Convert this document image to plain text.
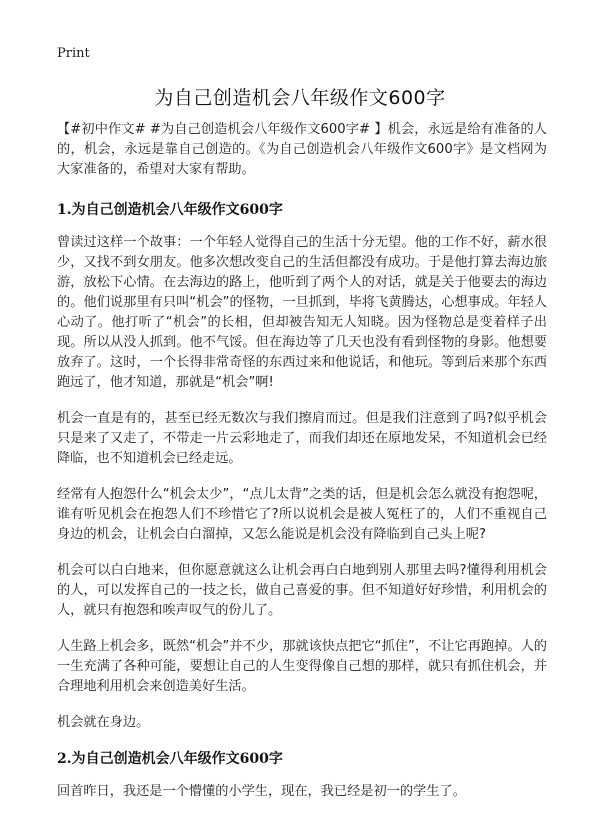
Print
为自己创造机会八年级作文600字

【#初中作文# #为自己创造机会八年级作文600字# 】机会，永远是给有准备的人的，机会，永远是靠自己创造的。《为自己创造机会八年级作文600字》是文档网为大家准备的，希望对大家有帮助。

1.为自己创造机会八年级作文600字

曾读过这样一个故事：一个年轻人觉得自己的生活十分无望。他的工作不好，薪水很少，又找不到女朋友。他多次想改变自己的生活但都没有成功。于是他打算去海边旅游，放松下心情。在去海边的路上，他听到了两个人的对话，就是关于他要去的海边的。他们说那里有只叫“机会”的怪物，一旦抓到，毕将飞黄腾达，心想事成。年轻人心动了。他打听了“机会”的长相，但却被告知无人知晓。因为怪物总是变着样子出现。所以从没人抓到。他不气馁。但在海边等了几天也没有看到怪物的身影。他想要放弃了。这时，一个长得非常奇怪的东西过来和他说话，和他玩。等到后来那个东西跑远了，他才知道，那就是“机会”啊!

机会一直是有的，甚至已经无数次与我们擦肩而过。但是我们注意到了吗?似乎机会只是来了又走了，不带走一片云彩地走了，而我们却还在原地发呆，不知道机会已经降临，也不知道机会已经走远。

经常有人抱怨什么“机会太少”，“点儿太背”之类的话，但是机会怎么就没有抱怨呢，谁有听见机会在抱怨人们不珍惜它了?所以说机会是被人冤枉了的，人们不重视自己身边的机会，让机会白白溜掉，又怎么能说是机会没有降临到自己头上呢?

机会可以白白地来，但你愿意就这么让机会再白白地到别人那里去吗?懂得利用机会的人，可以发挥自己的一技之长，做自己喜爱的事。但不知道好好珍惜，利用机会的人，就只有抱怨和唉声叹气的份儿了。

人生路上机会多，既然“机会”并不少，那就该快点把它“抓住”，不让它再跑掉。人的一生充满了各种可能，要想让自己的人生变得像自己想的那样，就只有抓住机会，并合理地利用机会来创造美好生活。

机会就在身边。

2.为自己创造机会八年级作文600字

回首昨日，我还是一个懵懂的小学生，现在，我已经是初一的学生了。
